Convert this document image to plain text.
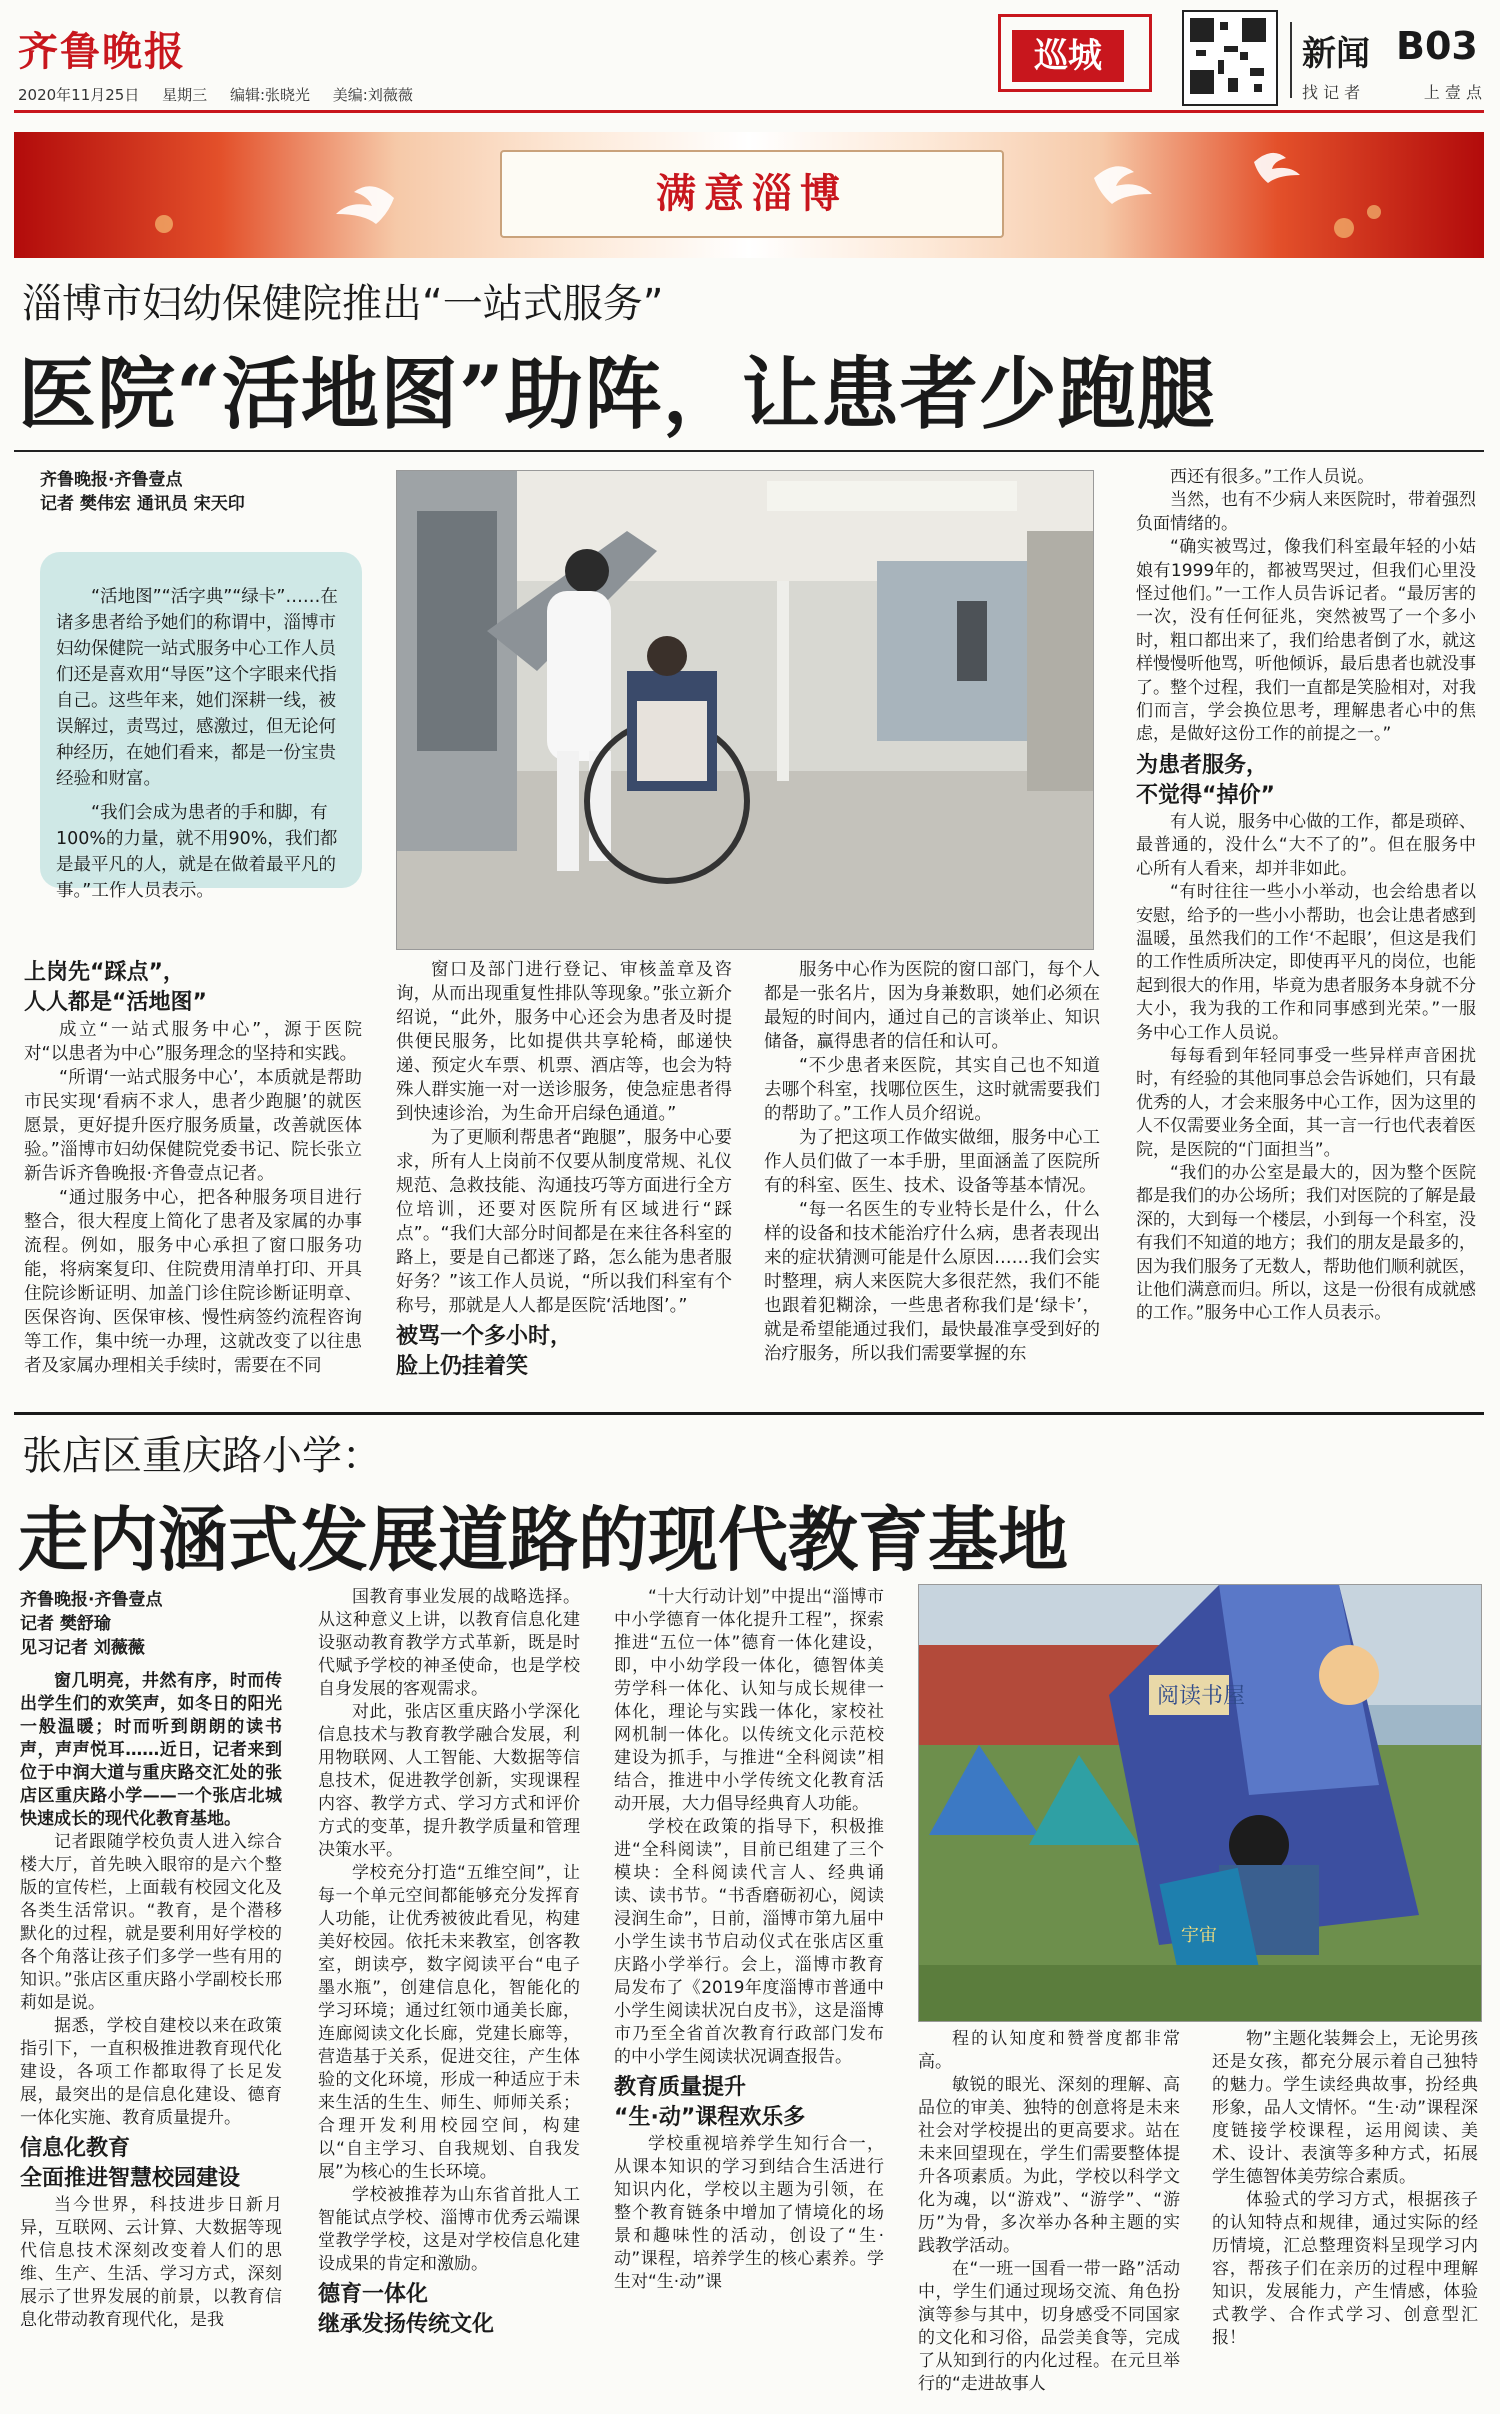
齐鲁晚报
2020年11月25日 星期三 编辑:张晓光 美编:刘薇薇
巡城	新闻 B03
找 记 者	上 壹 点
满意淄博
淄博市妇幼保健院推出“一站式服务”
医院“活地图”助阵，让患者少跑腿
齐鲁晚报·齐鲁壹点
记者 樊伟宏 通讯员 宋天印

“活地图”“活字典”“绿卡”……在诸多患者给予她们的称谓中，淄博市妇幼保健院一站式服务中心工作人员们还是喜欢用“导医”这个字眼来代指自己。这些年来，她们深耕一线，被误解过，责骂过，感激过，但无论何种经历，在她们看来，都是一份宝贵经验和财富。

“我们会成为患者的手和脚，有100%的力量，就不用90%，我们都是最平凡的人，就是在做着最平凡的事。”工作人员表示。

上岗先“踩点”，
人人都是“活地图”

成立“一站式服务中心”，源于医院对“以患者为中心”服务理念的坚持和实践。

“所谓‘一站式服务中心’，本质就是帮助市民实现‘看病不求人，患者少跑腿’的就医愿景，更好提升医疗服务质量，改善就医体验。”淄博市妇幼保健院党委书记、院长张立新告诉齐鲁晚报·齐鲁壹点记者。

“通过服务中心，把各种服务项目进行整合，很大程度上简化了患者及家属的办事流程。例如，服务中心承担了窗口服务功能，将病案复印、住院费用清单打印、开具住院诊断证明、加盖门诊住院诊断证明章、医保咨询、医保审核、慢性病签约流程咨询等工作，集中统一办理，这就改变了以往患者及家属办理相关手续时，需要在不同

窗口及部门进行登记、审核盖章及咨询，从而出现重复性排队等现象。”张立新介绍说，“此外，服务中心还会为患者及时提供便民服务，比如提供共享轮椅，邮递快递、预定火车票、机票、酒店等，也会为特殊人群实施一对一送诊服务，使急症患者得到快速诊治，为生命开启绿色通道。”

为了更顺利帮患者“跑腿”，服务中心要求，所有人上岗前不仅要从制度常规、礼仪规范、急救技能、沟通技巧等方面进行全方位培训，还要对医院所有区域进行“踩点”。“我们大部分时间都是在来往各科室的路上，要是自己都迷了路，怎么能为患者服好务？”该工作人员说，“所以我们科室有个称号，那就是人人都是医院‘活地图’。”

被骂一个多小时，
脸上仍挂着笑

服务中心作为医院的窗口部门，每个人都是一张名片，因为身兼数职，她们必须在最短的时间内，通过自己的言谈举止、知识储备，赢得患者的信任和认可。

“不少患者来医院，其实自己也不知道去哪个科室，找哪位医生，这时就需要我们的帮助了。”工作人员介绍说。

为了把这项工作做实做细，服务中心工作人员们做了一本手册，里面涵盖了医院所有的科室、医生、技术、设备等基本情况。

“每一名医生的专业特长是什么，什么样的设备和技术能治疗什么病，患者表现出来的症状猜测可能是什么原因……我们会实时整理，病人来医院大多很茫然，我们不能也跟着犯糊涂，一些患者称我们是‘绿卡’，就是希望能通过我们，最快最准享受到好的治疗服务，所以我们需要掌握的东

西还有很多。”工作人员说。

当然，也有不少病人来医院时，带着强烈负面情绪的。

“确实被骂过，像我们科室最年轻的小姑娘有1999年的，都被骂哭过，但我们心里没怪过他们。”一工作人员告诉记者。“最厉害的一次，没有任何征兆，突然被骂了一个多小时，粗口都出来了，我们给患者倒了水，就这样慢慢听他骂，听他倾诉，最后患者也就没事了。整个过程，我们一直都是笑脸相对，对我们而言，学会换位思考，理解患者心中的焦虑，是做好这份工作的前提之一。”

为患者服务，
不觉得“掉价”

有人说，服务中心做的工作，都是琐碎、最普通的，没什么“大不了的”。但在服务中心所有人看来，却并非如此。

“有时往往一些小小举动，也会给患者以安慰，给予的一些小小帮助，也会让患者感到温暖，虽然我们的工作‘不起眼’，但这是我们的工作性质所决定，即使再平凡的岗位，也能起到很大的作用，毕竟为患者服务本身就不分大小，我为我的工作和同事感到光荣。”一服务中心工作人员说。

每每看到年轻同事受一些异样声音困扰时，有经验的其他同事总会告诉她们，只有最优秀的人，才会来服务中心工作，因为这里的人不仅需要业务全面，其一言一行也代表着医院，是医院的“门面担当”。

“我们的办公室是最大的，因为整个医院都是我们的办公场所；我们对医院的了解是最深的，大到每一个楼层，小到每一个科室，没有我们不知道的地方；我们的朋友是最多的，因为我们服务了无数人，帮助他们顺利就医，让他们满意而归。所以，这是一份很有成就感的工作。”服务中心工作人员表示。

张店区重庆路小学：
走内涵式发展道路的现代教育基地
齐鲁晚报·齐鲁壹点
记者 樊舒瑜
见习记者 刘薇薇

窗几明亮，井然有序，时而传出学生们的欢笑声，如冬日的阳光一般温暖；时而听到朗朗的读书声，声声悦耳……近日，记者来到位于中润大道与重庆路交汇处的张店区重庆路小学——一个张店北城快速成长的现代化教育基地。

记者跟随学校负责人进入综合楼大厅，首先映入眼帘的是六个整版的宣传栏，上面载有校园文化及各类生活常识。“教育，是个潜移默化的过程，就是要利用好学校的各个角落让孩子们多学一些有用的知识。”张店区重庆路小学副校长邢莉如是说。

据悉，学校自建校以来在政策指引下，一直积极推进教育现代化建设，各项工作都取得了长足发展，最突出的是信息化建设、德育一体化实施、教育质量提升。

信息化教育
全面推进智慧校园建设

当今世界，科技进步日新月异，互联网、云计算、大数据等现代信息技术深刻改变着人们的思维、生产、生活、学习方式，深刻展示了世界发展的前景，以教育信息化带动教育现代化，是我

国教育事业发展的战略选择。从这种意义上讲，以教育信息化建设驱动教育教学方式革新，既是时代赋予学校的神圣使命，也是学校自身发展的客观需求。

对此，张店区重庆路小学深化信息技术与教育教学融合发展，利用物联网、人工智能、大数据等信息技术，促进教学创新，实现课程内容、教学方式、学习方式和评价方式的变革，提升教学质量和管理决策水平。

学校充分打造“五维空间”，让每一个单元空间都能够充分发挥育人功能，让优秀被彼此看见，构建美好校园。依托未来教室，创客教室，朗读亭，数字阅读平台“电子墨水瓶”，创建信息化，智能化的学习环境；通过红领巾通美长廊，连廊阅读文化长廊，党建长廊等，营造基于关系，促进交往，产生体验的文化环境，形成一种适应于未来生活的生生、师生、师师关系；合理开发利用校园空间，构建以“自主学习、自我规划、自我发展”为核心的生长环境。

学校被推荐为山东省首批人工智能试点学校、淄博市优秀云端课堂教学学校，这是对学校信息化建设成果的肯定和激励。

德育一体化
继承发扬传统文化

“十大行动计划”中提出“淄博市中小学德育一体化提升工程”，探索推进“五位一体”德育一体化建设，即，中小幼学段一体化，德智体美劳学科一体化、认知与成长规律一体化，理论与实践一体化，家校社网机制一体化。以传统文化示范校建设为抓手，与推进“全科阅读”相结合，推进中小学传统文化教育活动开展，大力倡导经典育人功能。

学校在政策的指导下，积极推进“全科阅读”，目前已组建了三个模块：全科阅读代言人、经典诵读、读书节。“书香磨砺初心，阅读浸润生命”，日前，淄博市第九届中小学生读书节启动仪式在张店区重庆路小学举行。会上，淄博市教育局发布了《2019年度淄博市普通中小学生阅读状况白皮书》，这是淄博市乃至全省首次教育行政部门发布的中小学生阅读状况调查报告。

教育质量提升
“生·动”课程欢乐多

学校重视培养学生知行合一，从课本知识的学习到结合生活进行知识内化，学校以主题为引领，在整个教育链条中增加了情境化的场景和趣味性的活动，创设了“生·动”课程，培养学生的核心素养。学生对“生·动”课

阅读书屋
宇宙

程的认知度和赞誉度都非常高。

敏锐的眼光、深刻的理解、高品位的审美、独特的创意将是未来社会对学校提出的更高要求。站在未来回望现在，学生们需要整体提升各项素质。为此，学校以科学文化为魂，以“游戏”、“游学”、“游历”为骨，多次举办各种主题的实践教学活动。

在“一班一国看一带一路”活动中，学生们通过现场交流、角色扮演等参与其中，切身感受不同国家的文化和习俗，品尝美食等，完成了从知到行的内化过程。在元旦举行的“走进故事人

物”主题化装舞会上，无论男孩还是女孩，都充分展示着自己独特的魅力。学生读经典故事，扮经典形象，品人文情怀。“生·动”课程深度链接学校课程，运用阅读、美术、设计、表演等多种方式，拓展学生德智体美劳综合素质。

体验式的学习方式，根据孩子的认知特点和规律，通过实际的经历情境，汇总整理资料呈现学习内容，帮孩子们在亲历的过程中理解知识，发展能力，产生情感，体验式教学、合作式学习、创意型汇报！
